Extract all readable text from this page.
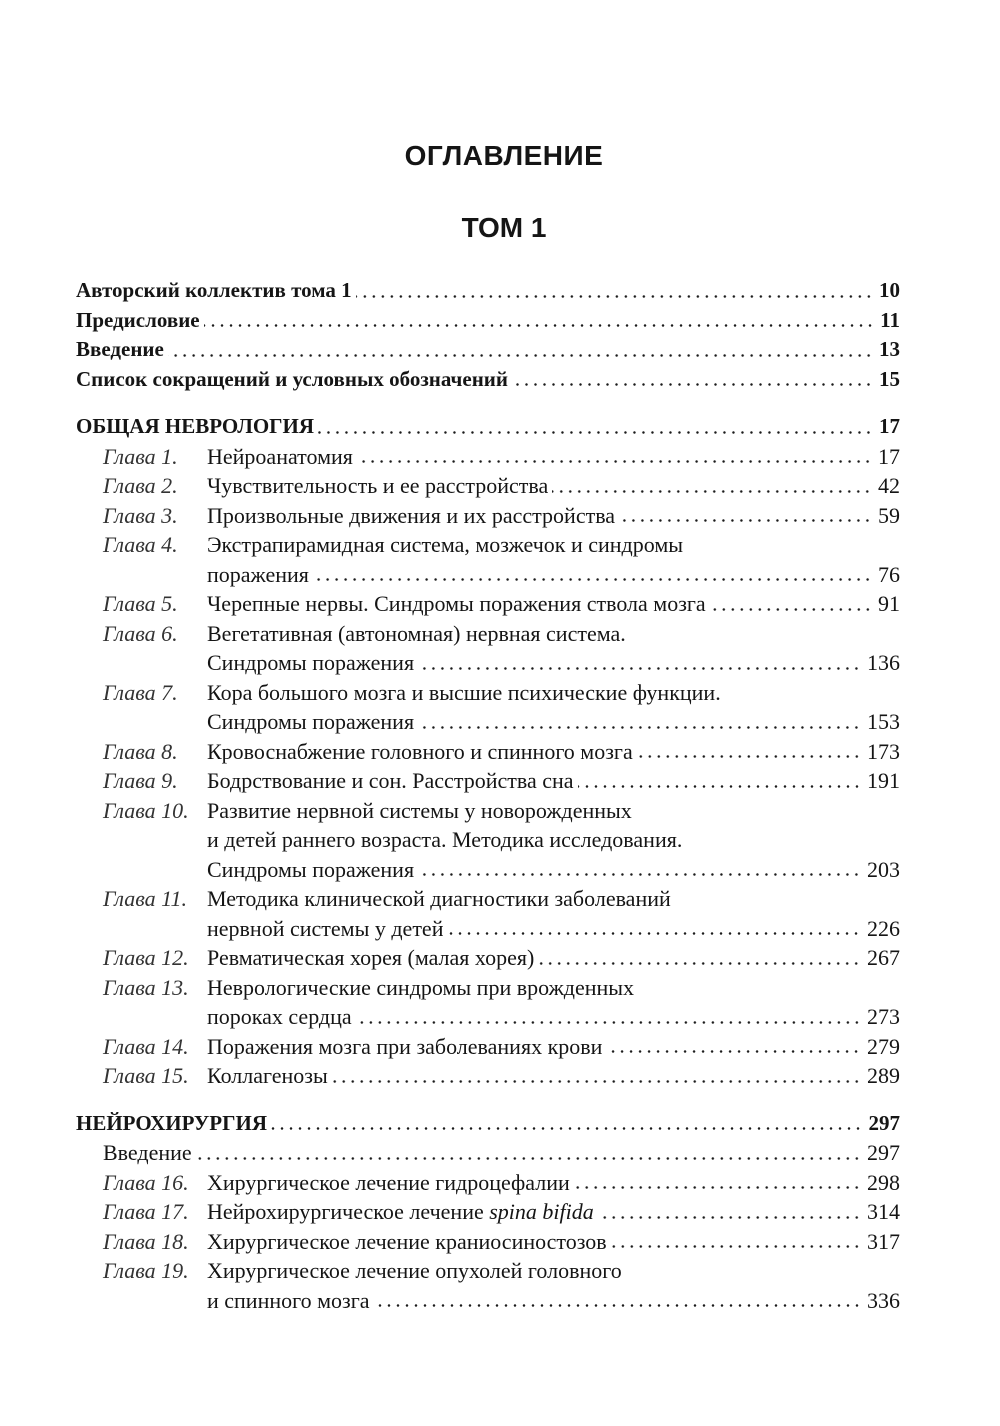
ОГЛАВЛЕНИЕ
ТОМ 1
Авторский коллектив тома 1	10
Предисловие	11
Введение	13
Список сокращений и условных обозначений	15
ОБЩАЯ НЕВРОЛОГИЯ	17
Глава 1.	Нейроанатомия	17
Глава 2.	Чувствительность и ее расстройства	42
Глава 3.	Произвольные движения и их расстройства	59
Глава 4.	Экстрапирамидная система, мозжечок и синдромы
поражения	76
Глава 5.	Черепные нервы. Синдромы поражения ствола мозга	91
Глава 6.	Вегетативная (автономная) нервная система.
Синдромы поражения	136
Глава 7.	Кора большого мозга и высшие психические функции.
Синдромы поражения	153
Глава 8.	Кровоснабжение головного и спинного мозга	173
Глава 9.	Бодрствование и сон. Расстройства сна	191
Глава 10. Развитие нервной системы у новорожденных
и детей раннего возраста. Методика исследования.
Синдромы поражения	203
Глава 11. Методика клинической диагностики заболеваний
нервной системы у детей	226
Глава 12. Ревматическая хорея (малая хорея)	267
Глава 13. Неврологические синдромы при врожденных
пороках сердца	273
Глава 14. Поражения мозга при заболеваниях крови	279
Глава 15. Коллагенозы	289
НЕЙРОХИРУРГИЯ	297
Введение	297
Глава 16. Хирургическое лечение гидроцефалии	298
Глава 17. Нейрохирургическое лечение spina bifida	314
Глава 18. Хирургическое лечение краниосиностозов	317
Глава 19. Хирургическое лечение опухолей головного
и спинного мозга	336
